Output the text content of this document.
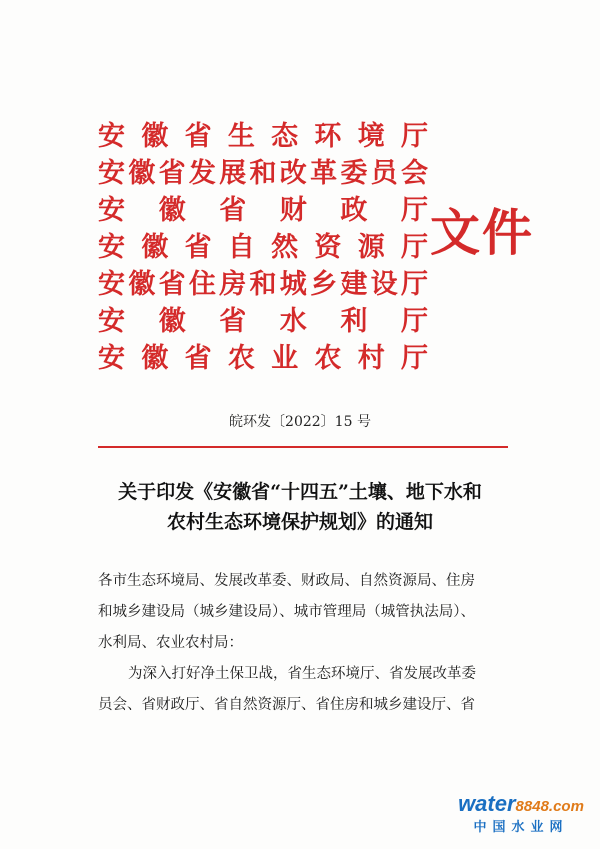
安 徽 省 生 态 环 境 厅
安 徽 省 发 展 和 改 革 委 员 会
安 徽 省 财 政 厅
安 徽 省 自 然 资 源 厅
安 徽 省 住 房 和 城 乡 建 设 厅
安 徽 省 水 利 厅
安 徽 省 农 业 农 村 厅
文件
皖环发〔2022〕15 号
关于印发《安徽省“十四五”土壤、地下水和
农村生态环境保护规划》的通知
各市生态环境局、发展改革委、财政局、自然资源局、住房
和城乡建设局（城乡建设局）、城市管理局（城管执法局）、
水利局、农业农村局：
为深入打好净土保卫战，省生态环境厅、省发展改革委
员会、省财政厅、省自然资源厅、省住房和城乡建设厅、省
water8848.com
中国水业网
